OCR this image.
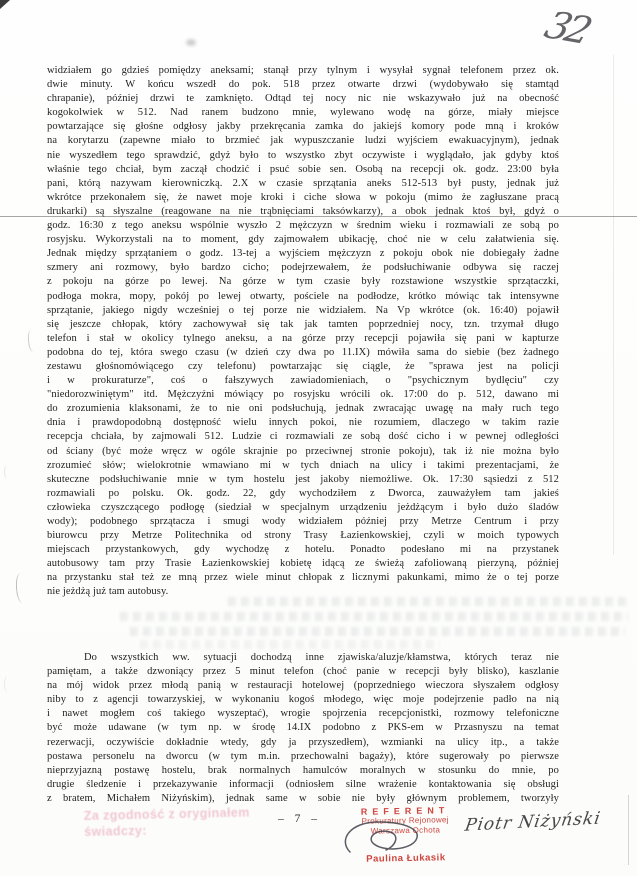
32
widziałem go gdzieś pomiędzy aneksami; stanął przy tylnym i wysyłał sygnał telefonem przez ok.
dwie minuty. W końcu wszedł do pok. 518 przez otwarte drzwi (wydobywało się stamtąd
chrapanie), później drzwi te zamknięto. Odtąd tej nocy nic nie wskazywało już na obecność
kogokolwiek w 512. Nad ranem budzono mnie, wylewano wodę na górze, miały miejsce
powtarzające się głośne odgłosy jakby przekręcania zamka do jakiejś komory pode mną i kroków
na korytarzu (zapewne miało to brzmieć jak wypuszczanie ludzi wyjściem ewakuacyjnym), jednak
nie wyszedłem tego sprawdzić, gdyż było to wszystko zbyt oczywiste i wyglądało, jak gdyby ktoś
właśnie tego chciał, bym zaczął chodzić i psuć sobie sen. Osobą na recepcji ok. godz. 23:00 była
pani, którą nazywam kierowniczką. 2.X w czasie sprzątania aneks 512-513 był pusty, jednak już
wkrótce przekonałem się, że nawet moje kroki i ciche słowa w pokoju (mimo że zagłuszane pracą
drukarki) są słyszalne (reagowane na nie trąbnięciami taksówkarzy), a obok jednak ktoś był, gdyż o
godz. 16:30 z tego aneksu wspólnie wyszło 2 mężczyzn w średnim wieku i rozmawiali ze sobą po
rosyjsku. Wykorzystali na to moment, gdy zajmowałem ubikację, choć nie w celu załatwienia się.
Jednak między sprzątaniem o godz. 13-tej a wyjściem mężczyzn z pokoju obok nie dobiegały żadne
szmery ani rozmowy, było bardzo cicho; podejrzewałem, że podsłuchiwanie odbywa się raczej
z pokoju na górze po lewej. Na górze w tym czasie były rozstawione wszystkie sprzątaczki,
podłoga mokra, mopy, pokój po lewej otwarty, pościele na podłodze, krótko mówiąc tak intensywne
sprzątanie, jakiego nigdy wcześniej o tej porze nie widziałem. Na Vp wkrótce (ok. 16:40) pojawił
się jeszcze chłopak, który zachowywał się tak jak tamten poprzedniej nocy, tzn. trzymał długo
telefon i stał w okolicy tylnego aneksu, a na górze przy recepcji pojawiła się pani w kapturze
podobna do tej, która swego czasu (w dzień czy dwa po 11.IX) mówiła sama do siebie (bez żadnego
zestawu głośnomówiącego czy telefonu) powtarzając się ciągle, że "sprawa jest na policji
i w prokuraturze", coś o fałszywych zawiadomieniach, o "psychicznym bydlęciu" czy
"niedorozwiniętym" itd. Mężczyźni mówiący po rosyjsku wrócili ok. 17:00 do p. 512, dawano mi
do zrozumienia klaksonami, że to nie oni podsłuchują, jednak zwracając uwagę na mały ruch tego
dnia i prawdopodobną dostępność wielu innych pokoi, nie rozumiem, dlaczego w takim razie
recepcja chciała, by zajmowali 512. Ludzie ci rozmawiali ze sobą dość cicho i w pewnej odległości
od ściany (być może wręcz w ogóle skrajnie po przeciwnej stronie pokoju), tak iż nie można było
zrozumieć słów; wielokrotnie wmawiano mi w tych dniach na ulicy i takimi prezentacjami, że
skuteczne podsłuchiwanie mnie w tym hostelu jest jakoby niemożliwe. Ok. 17:30 sąsiedzi z 512
rozmawiali po polsku. Ok. godz. 22, gdy wychodziłem z Dworca, zauważyłem tam jakieś
człowieka czyszczącego podłogę (siedział w specjalnym urządzeniu jeżdżącym i było dużo śladów
wody); podobnego sprzątacza i smugi wody widziałem później przy Metrze Centrum i przy
biurowcu przy Metrze Politechnika od strony Trasy Łazienkowskiej, czyli w moich typowych
miejscach przystankowych, gdy wychodzę z hotelu. Ponadto podesłano mi na przystanek
autobusowy tam przy Trasie Łazienkowskiej kobietę idącą ze świeżą zafoliowaną pierzyną, później
na przystanku stał też ze mną przez wiele minut chłopak z licznymi pakunkami, mimo że o tej porze
nie jeżdżą już tam autobusy.
Do wszystkich ww. sytuacji dochodzą inne zjawiska/aluzje/kłamstwa, których teraz nie
pamiętam, a także dzwoniący przez 5 minut telefon (choć panie w recepcji były blisko), kaszlanie
na mój widok przez młodą panią w restauracji hotelowej (poprzedniego wieczora słyszałem odgłosy
niby to z agencji towarzyskiej, w wykonaniu kogoś młodego, więc moje podejrzenie padło na nią
i nawet mogłem coś takiego wyszeptać), wrogie spojrzenia recepcjonistki, rozmowy telefoniczne
być może udawane (w tym np. w środę 14.IX podobno z PKS-em w Przasnyszu na temat
rezerwacji, oczywiście dokładnie wtedy, gdy ja przyszedłem), wzmianki na ulicy itp., a także
postawa personelu na dworcu (w tym m.in. przechowalni bagaży), które sugerowały po pierwsze
nieprzyjazną postawę hostelu, brak normalnych hamulców moralnych w stosunku do mnie, po
drugie śledzenie i przekazywanie informacji (odniosłem silne wrażenie kontaktowania się obsługi
z bratem, Michałem Niżyńskim), jednak same w sobie nie były głównym problemem, tworzyły
Za zgodność z oryginałem
świadczy:
– 7 –
REFERENT
Prokuratury Rejonowej
Warszawa Ochota
Paulina Łukasik
Piotr Niżyński
